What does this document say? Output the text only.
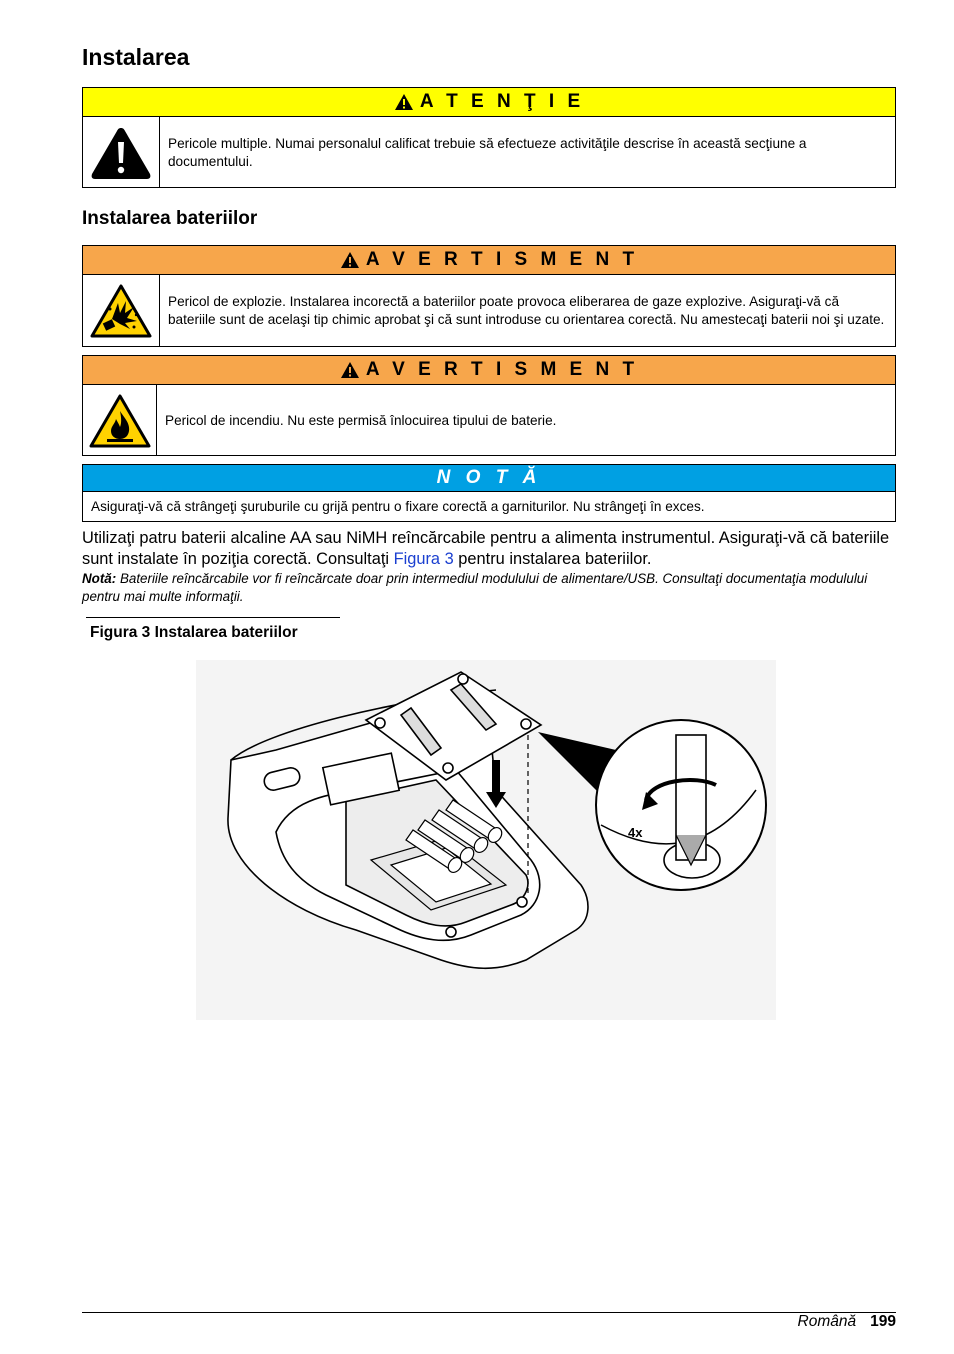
Instalarea
A T E N Ţ I E
Pericole multiple. Numai personalul calificat trebuie să efectueze activităţile descrise în această secţiune a documentului.
Instalarea bateriilor
A V E R T I S M E N T
Pericol de explozie. Instalarea incorectă a bateriilor poate provoca eliberarea de gaze explozive. Asiguraţi-vă că bateriile sunt de acelaşi tip chimic aprobat şi că sunt introduse cu orientarea corectă. Nu amestecaţi baterii noi şi uzate.
A V E R T I S M E N T
Pericol de incendiu. Nu este permisă înlocuirea tipului de baterie.
N O T Ă
Asiguraţi-vă că strângeţi şuruburile cu grijă pentru o fixare corectă a garniturilor. Nu strângeţi în exces.

Utilizaţi patru baterii alcaline AA sau NiMH reîncărcabile pentru a alimenta instrumentul. Asiguraţi-vă că bateriile sunt instalate în poziţia corectă. Consultaţi Figura 3 pentru instalarea bateriilor.

Notă: Bateriile reîncărcabile vor fi reîncărcate doar prin intermediul modulului de alimentare/USB. Consultaţi documentaţia modulului pentru mai multe informaţii.

Figura 3 Instalarea bateriilor
4x
Română 199
